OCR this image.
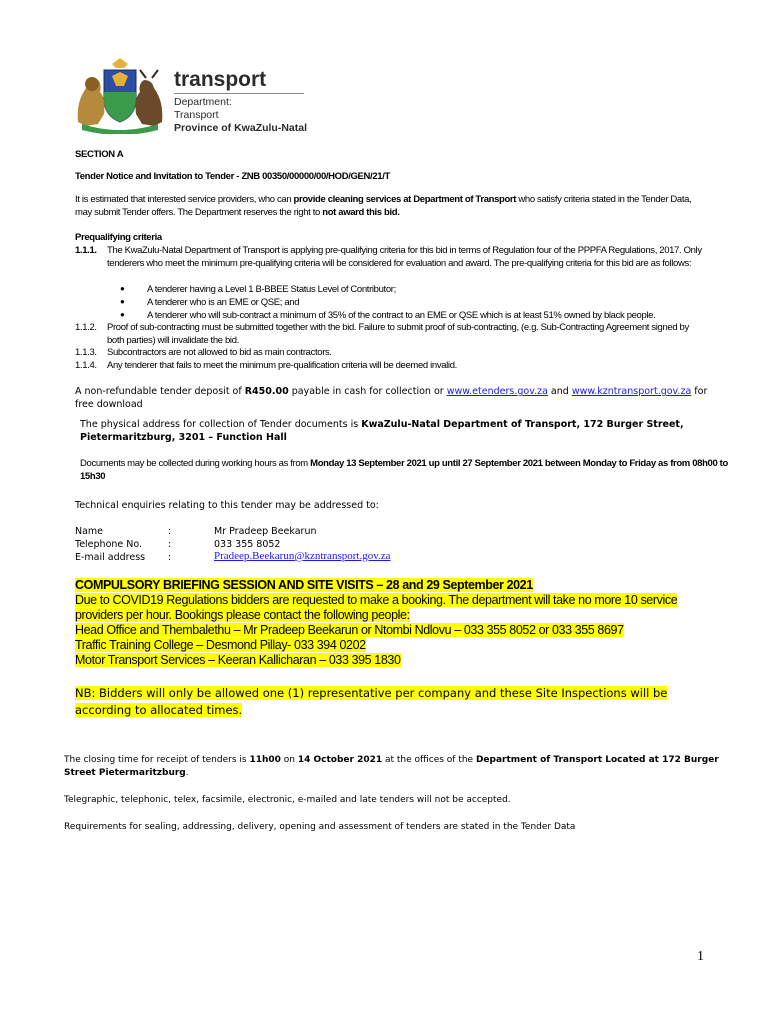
transport
Department:
Transport
Province of KwaZulu-Natal
SECTION A
Tender Notice and Invitation to Tender - ZNB 00350/00000/00/HOD/GEN/21/T
It is estimated that interested service providers, who can provide cleaning services at Department of Transport who satisfy criteria stated in the Tender Data, may submit Tender offers. The Department reserves the right to not award this bid.
Prequalifying criteria
1.1.1. The KwaZulu-Natal Department of Transport is applying pre-qualifying criteria for this bid in terms of Regulation four of the PPPFA Regulations, 2017. Only tenderers who meet the minimum pre-qualifying criteria will be considered for evaluation and award. The pre-qualifying criteria for this bid are as follows:
● A tenderer having a Level 1 B-BBEE Status Level of Contributor;
● A tenderer who is an EME or QSE; and
● A tenderer who will sub-contract a minimum of 35% of the contract to an EME or QSE which is at least 51% owned by black people.
1.1.2. Proof of sub-contracting must be submitted together with the bid. Failure to submit proof of sub-contracting, (e.g. Sub-Contracting Agreement signed by both parties) will invalidate the bid.
1.1.3. Subcontractors are not allowed to bid as main contractors.
1.1.4. Any tenderer that fails to meet the minimum pre-qualification criteria will be deemed invalid.
A non-refundable tender deposit of R450.00 payable in cash for collection or www.etenders.gov.za and www.kzntransport.gov.za for free download
The physical address for collection of Tender documents is KwaZulu-Natal Department of Transport, 172 Burger Street, Pietermaritzburg, 3201 – Function Hall
Documents may be collected during working hours as from Monday 13 September 2021 up until 27 September 2021 between Monday to Friday as from 08h00 to 15h30
Technical enquiries relating to this tender may be addressed to:
Name	:	Mr Pradeep Beekarun
Telephone No.	:	033 355 8052
E-mail address :	Pradeep.Beekarun@kzntransport.gov.za
COMPULSORY BRIEFING SESSION AND SITE VISITS – 28 and 29 September 2021
Due to COVID19 Regulations bidders are requested to make a booking. The department will take no more 10 service
providers per hour. Bookings please contact the following people:
Head Office and Thembalethu – Mr Pradeep Beekarun or Ntombi Ndlovu – 033 355 8052 or 033 355 8697
Traffic Training College – Desmond Pillay- 033 394 0202
Motor Transport Services – Keeran Kallicharan – 033 395 1830
NB: Bidders will only be allowed one (1) representative per company and these Site Inspections will be
according to allocated times.
The closing time for receipt of tenders is 11h00 on 14 October 2021 at the offices of the Department of Transport Located at 172 Burger Street Pietermaritzburg.
Telegraphic, telephonic, telex, facsimile, electronic, e-mailed and late tenders will not be accepted.
Requirements for sealing, addressing, delivery, opening and assessment of tenders are stated in the Tender Data
1
